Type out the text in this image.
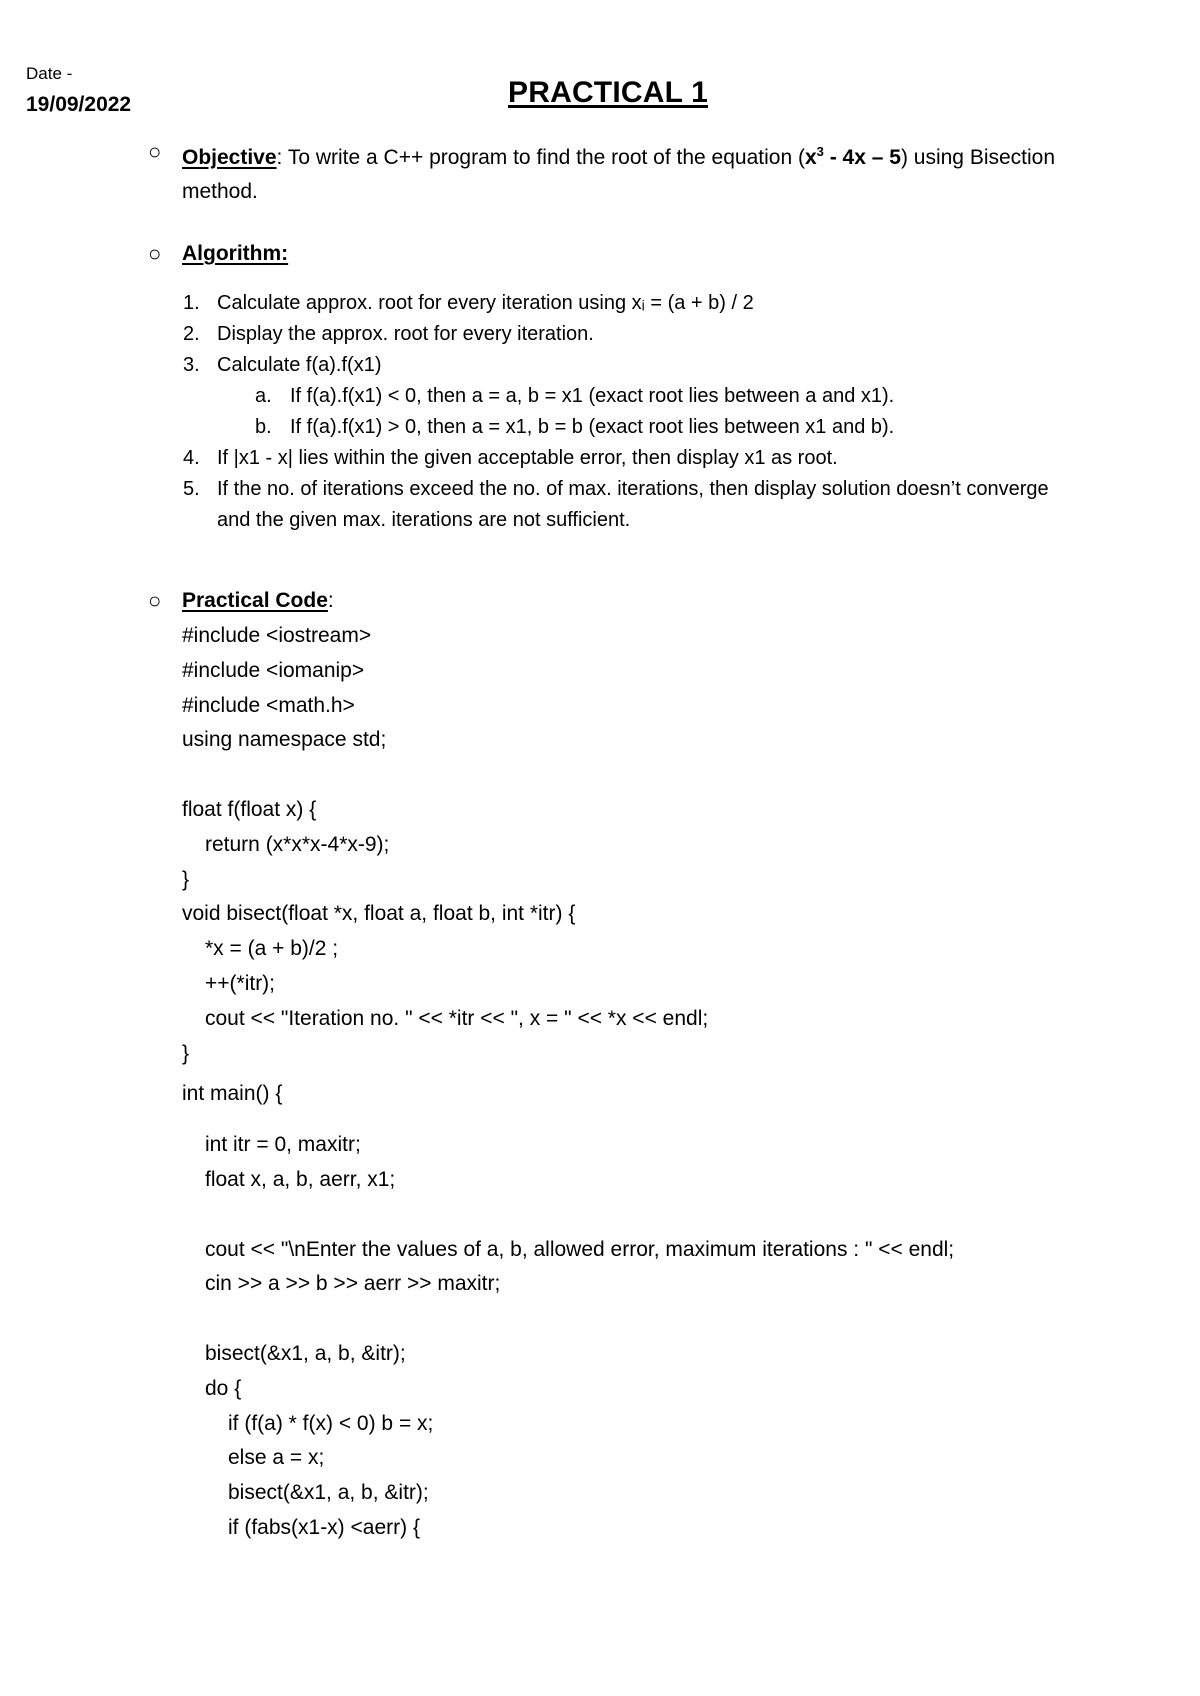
Date -
19/09/2022	PRACTICAL 1
○ Objective: To write a C++ program to find the root of the equation $(x^3 - 4x - 5)$ using Bisection method.
○ Algorithm:
1. Calculate approx. root for every iteration using xᵢ = (a + b) / 2
2. Display the approx. root for every iteration.
3. Calculate f(a).f(x1)
a. If f(a).f(x1) < 0, then a = a, b = x1 (exact root lies between a and x1).
b. If f(a).f(x1) > 0, then a = x1, b = b (exact root lies between x1 and b).
4. If |x1 - x| lies within the given acceptable error, then display x1 as root.
5. If the no. of iterations exceed the no. of max. iterations, then display solution doesn’t converge and the given max. iterations are not sufficient.
○ Practical Code:
#include <iostream>
#include <iomanip>
#include <math.h>
using namespace std;
float f(float x) {
return (x*x*x-4*x-9);
}
void bisect(float *x, float a, float b, int *itr) {
*x = (a + b)/2 ;
++(*itr);
cout << "Iteration no. " << *itr << ", x = " << *x << endl;
}
int main() {
int itr = 0, maxitr;
float x, a, b, aerr, x1;
cout << "\nEnter the values of a, b, allowed error, maximum iterations : " << endl;
cin >> a >> b >> aerr >> maxitr;
bisect(&x1, a, b, &itr);
do {
if (f(a) * f(x) < 0) b = x;
else a = x;
bisect(&x1, a, b, &itr);
if (fabs(x1-x) <aerr) {
